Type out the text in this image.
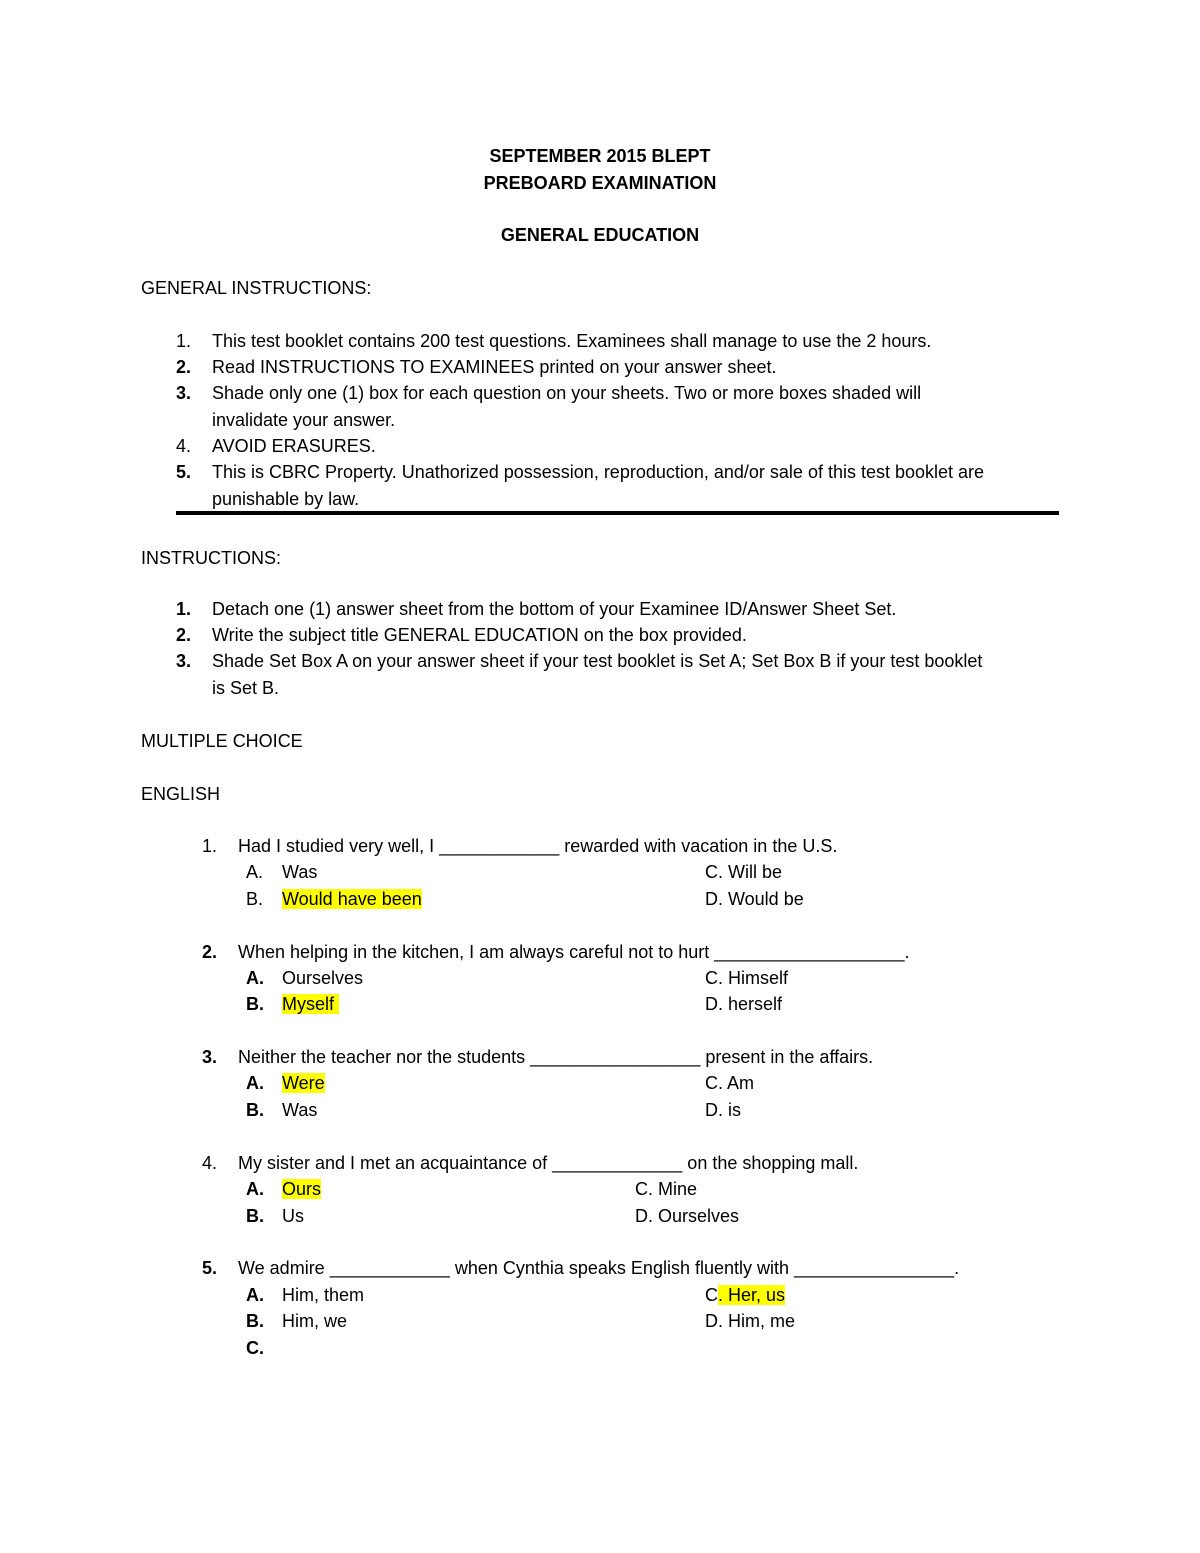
SEPTEMBER 2015 BLEPT
PREBOARD EXAMINATION
GENERAL EDUCATION
GENERAL INSTRUCTIONS:
1. This test booklet contains 200 test questions. Examinees shall manage to use the 2 hours.
2. Read INSTRUCTIONS TO EXAMINEES printed on your answer sheet.
3. Shade only one (1) box for each question on your sheets. Two or more boxes shaded will
invalidate your answer.
4. AVOID ERASURES.
5. This is CBRC Property. Unathorized possession, reproduction, and/or sale of this test booklet are
punishable by law.
INSTRUCTIONS:
1. Detach one (1) answer sheet from the bottom of your Examinee ID/Answer Sheet Set.
2. Write the subject title GENERAL EDUCATION on the box provided.
3. Shade Set Box A on your answer sheet if your test booklet is Set A; Set Box B if your test booklet
is Set B.
MULTIPLE CHOICE
ENGLISH
1. Had I studied very well, I ____________ rewarded with vacation in the U.S.
A. Was	C. Will be
B. Would have been	D. Would be
2. When helping in the kitchen, I am always careful not to hurt ___________________.
A. Ourselves	C. Himself
B. Myself	D. herself
3. Neither the teacher nor the students _________________ present in the affairs.
A. Were	C. Am
B. Was	D. is
4. My sister and I met an acquaintance of _____________ on the shopping mall.
A. Ours	C. Mine
B. Us	D. Ourselves
5. We admire ____________ when Cynthia speaks English fluently with ________________.
A. Him, them	C. Her, us
B. Him, we	D. Him, me
C.
